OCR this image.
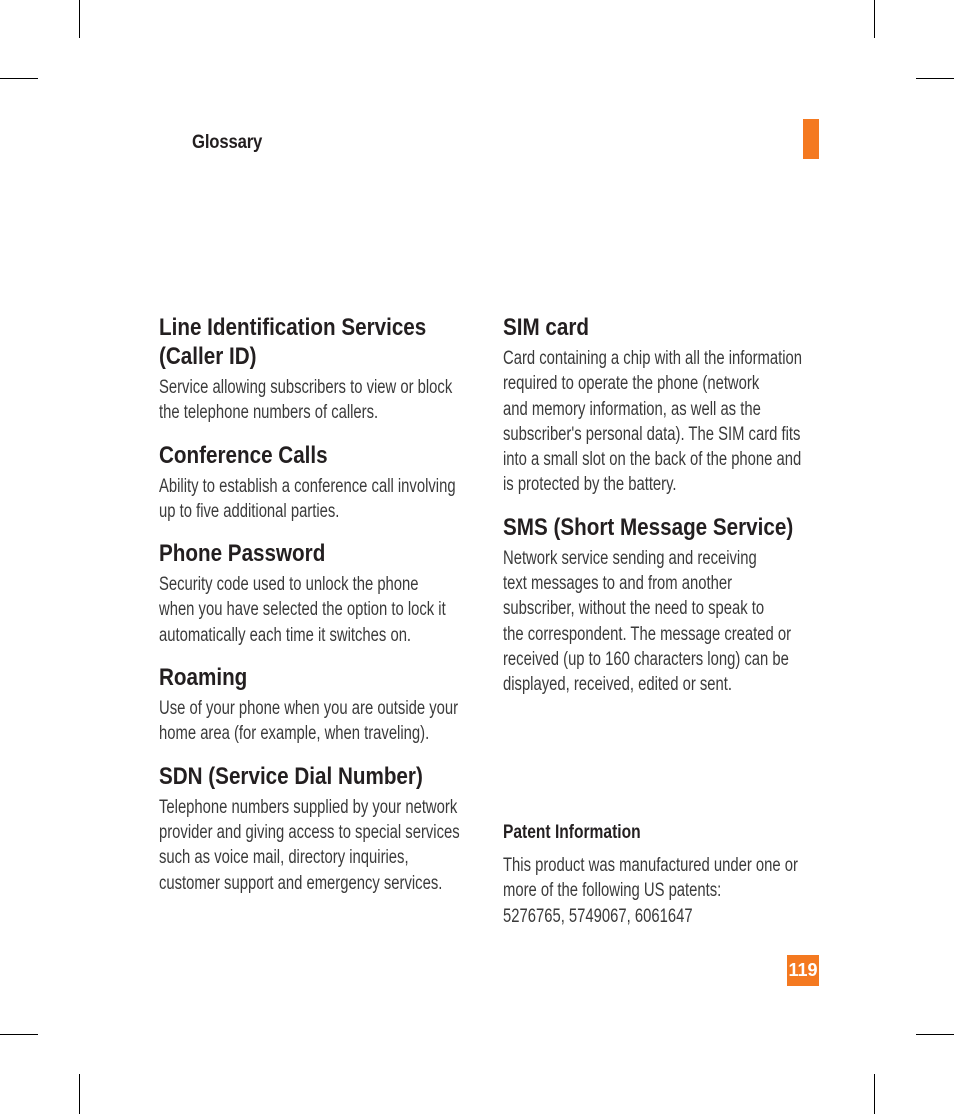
Glossary
Line Identification Services
(Caller ID)

Service allowing subscribers to view or block
the telephone numbers of callers.

Conference Calls

Ability to establish a conference call involving
up to five additional parties.

Phone Password

Security code used to unlock the phone
when you have selected the option to lock it
automatically each time it switches on.

Roaming

Use of your phone when you are outside your
home area (for example, when traveling).

SDN (Service Dial Number)

Telephone numbers supplied by your network
provider and giving access to special services
such as voice mail, directory inquiries,
customer support and emergency services.

SIM card

Card containing a chip with all the information
required to operate the phone (network
and memory information, as well as the
subscriber's personal data). The SIM card fits
into a small slot on the back of the phone and
is protected by the battery.

SMS (Short Message Service)

Network service sending and receiving
text messages to and from another
subscriber, without the need to speak to
the correspondent. The message created or
received (up to 160 characters long) can be
displayed, received, edited or sent.

Patent Information

This product was manufactured under one or
more of the following US patents:
5276765, 5749067, 6061647

119
